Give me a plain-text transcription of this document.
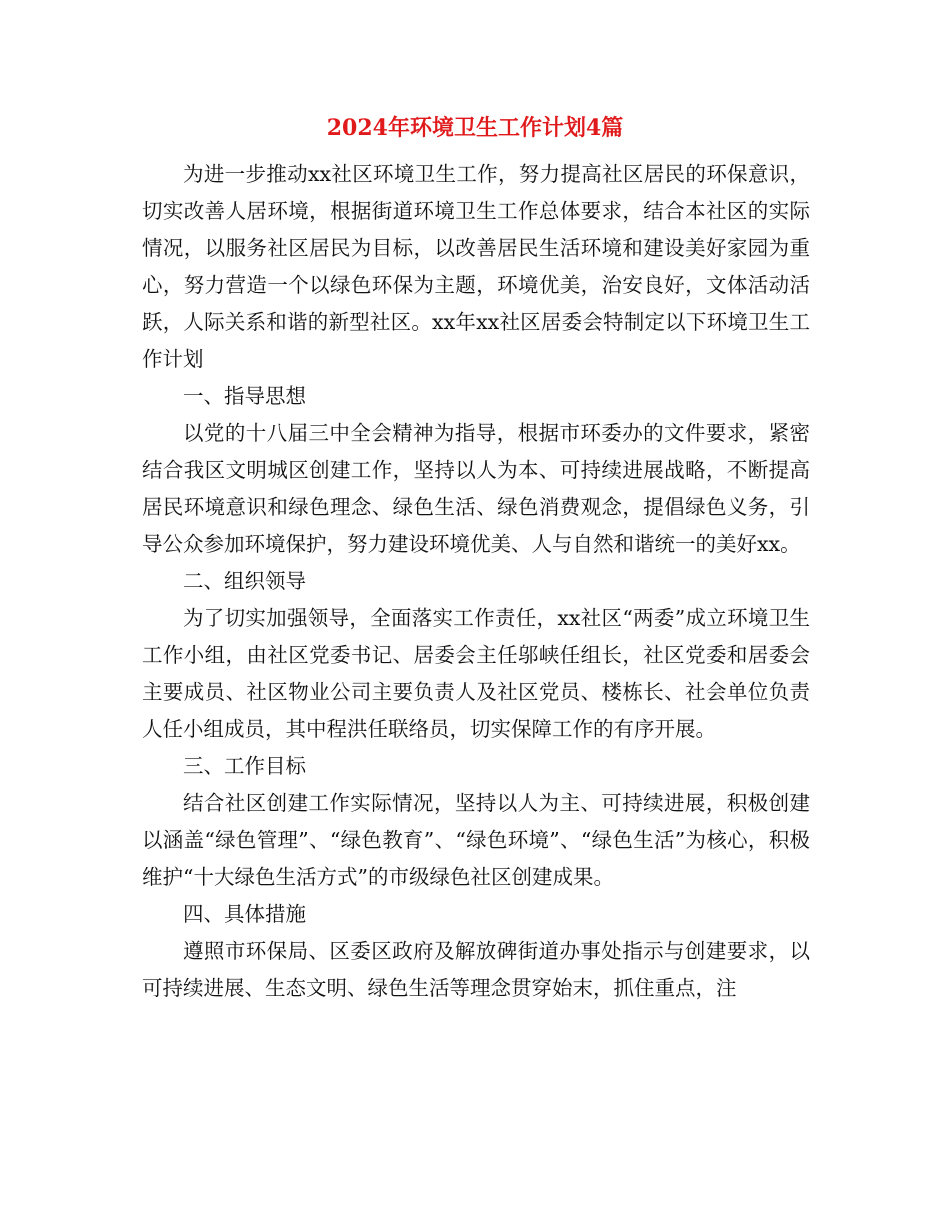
2024年环境卫生工作计划4篇

为进一步推动xx社区环境卫生工作，努力提高社区居民的环保意识，切实改善人居环境，根据街道环境卫生工作总体要求，结合本社区的实际情况，以服务社区居民为目标，以改善居民生活环境和建设美好家园为重心，努力营造一个以绿色环保为主题，环境优美，治安良好，文体活动活跃，人际关系和谐的新型社区。xx年xx社区居委会特制定以下环境卫生工作计划

一、指导思想

以党的十八届三中全会精神为指导，根据市环委办的文件要求，紧密结合我区文明城区创建工作，坚持以人为本、可持续进展战略，不断提高居民环境意识和绿色理念、绿色生活、绿色消费观念，提倡绿色义务，引导公众参加环境保护，努力建设环境优美、人与自然和谐统一的美好xx。

二、组织领导

为了切实加强领导，全面落实工作责任，xx社区“两委”成立环境卫生工作小组，由社区党委书记、居委会主任邬峡任组长，社区党委和居委会主要成员、社区物业公司主要负责人及社区党员、楼栋长、社会单位负责人任小组成员，其中程洪任联络员，切实保障工作的有序开展。

三、工作目标

结合社区创建工作实际情况，坚持以人为主、可持续进展，积极创建以涵盖“绿色管理”、“绿色教育”、“绿色环境”、“绿色生活”为核心，积极维护“十大绿色生活方式”的市级绿色社区创建成果。

四、具体措施

遵照市环保局、区委区政府及解放碑街道办事处指示与创建要求，以可持续进展、生态文明、绿色生活等理念贯穿始末，抓住重点，注
